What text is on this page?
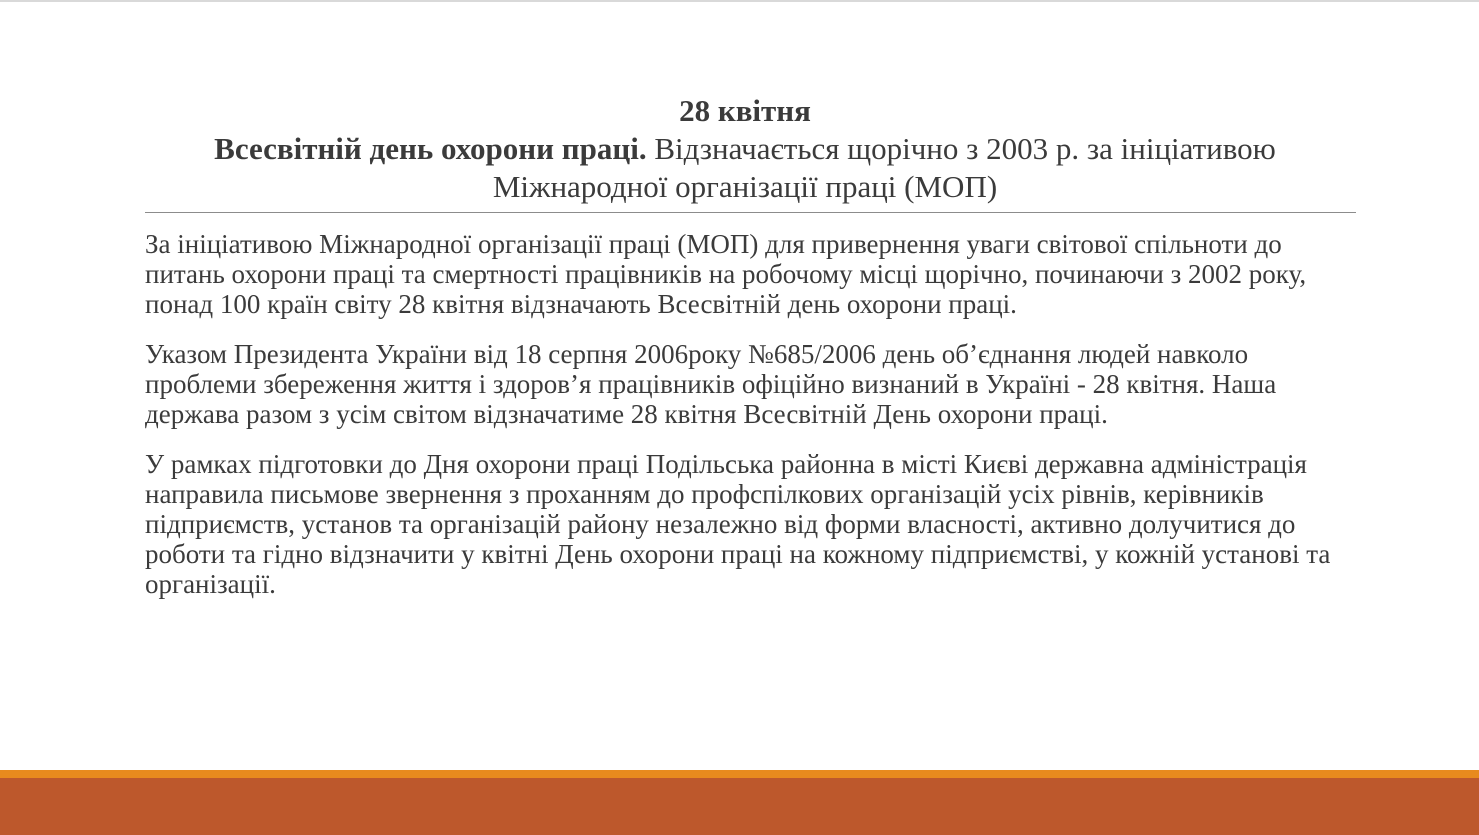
28 квітня
Всесвітній день охорони праці. Відзначається щорічно з 2003 р. за ініціативою Міжнародної організації праці (МОП)

За ініціативою Міжнародної організації праці (МОП) для привернення уваги світової спільноти до питань охорони праці та смертності працівників на робочому місці щорічно, починаючи з 2002 року, понад 100 країн світу 28 квітня відзначають Всесвітній день охорони праці.

Указом Президента України від 18 серпня 2006року №685/2006 день об’єднання людей навколо проблеми збереження життя і здоров’я працівників офіційно визнаний в Україні - 28 квітня. Наша держава разом з усім світом відзначатиме 28 квітня Всесвітній День охорони праці.

У рамках підготовки до Дня охорони праці Подільська районна в місті Києві державна адміністрація направила письмове звернення з проханням до профспілкових організацій усіх рівнів, керівників підприємств, установ та організацій району незалежно від форми власності, активно долучитися до роботи та гідно відзначити у квітні День охорони праці на кожному підприємстві, у кожній установі та організації.
